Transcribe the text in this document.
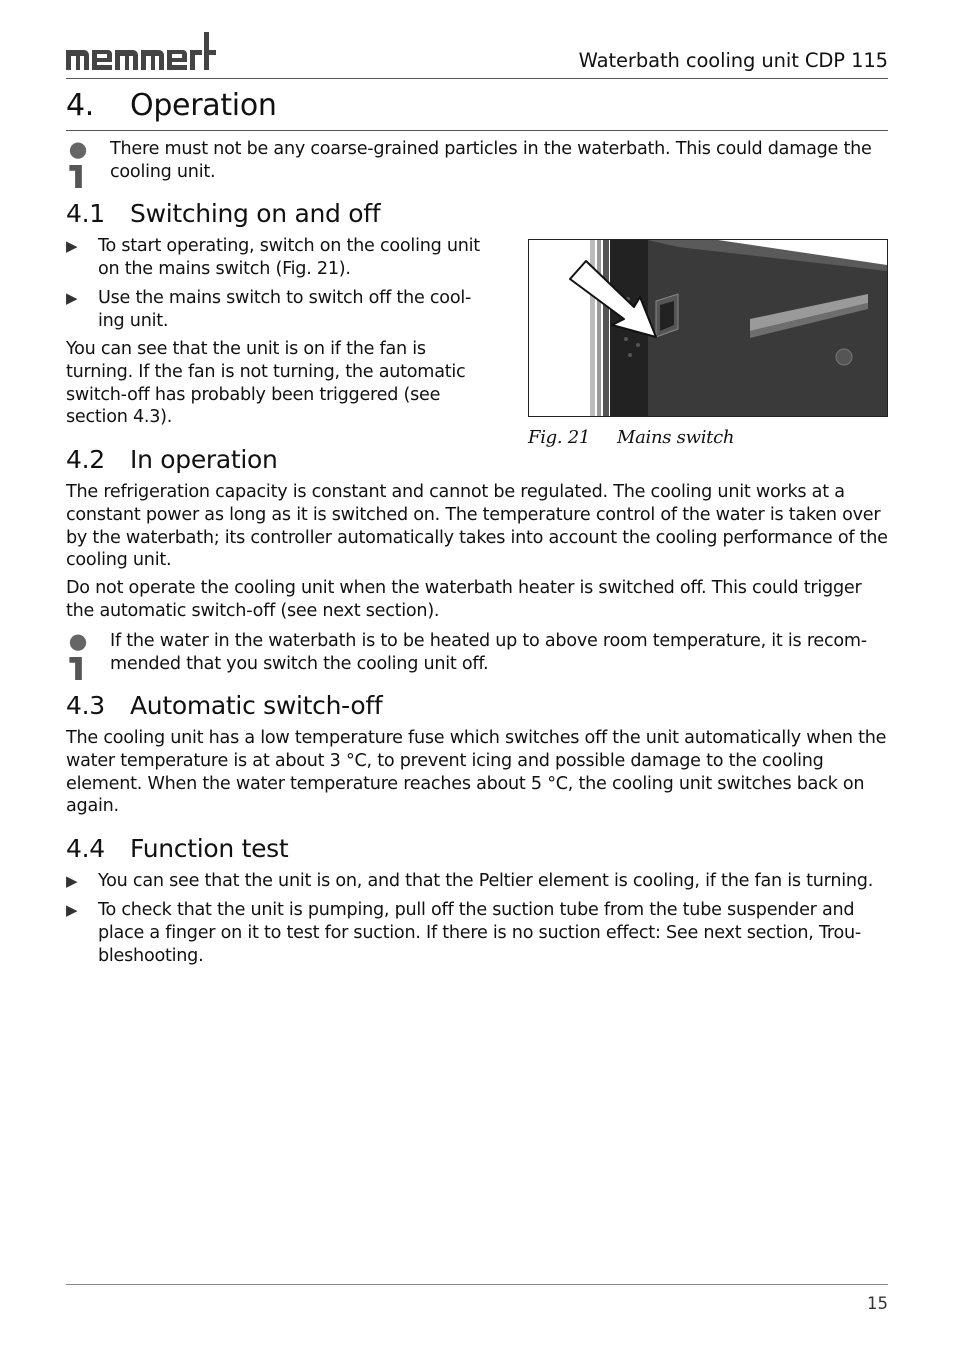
Waterbath cooling unit CDP 115
4. Operation
There must not be any coarse-grained particles in the waterbath. This could damage the cooling unit.
4.1 Switching on and off
▶	To start operating, switch on the cooling unit
on the mains switch (Fig. 21).
▶	Use the mains switch to switch off the cool-
ing unit.
You can see that the unit is on if the fan is
turning. If the fan is not turning, the automatic
switch-off has probably been triggered (see
section 4.3).
Fig. 21 Mains switch
4.2 In operation

The refrigeration capacity is constant and cannot be regulated. The cooling unit works at a constant power as long as it is switched on. The temperature control of the water is taken over by the waterbath; its controller automatically takes into account the cooling performance of the cooling unit.

Do not operate the cooling unit when the waterbath heater is switched off. This could trigger the automatic switch-off (see next section).

If the water in the waterbath is to be heated up to above room temperature, it is recom-
mended that you switch the cooling unit off.
4.3 Automatic switch-off

The cooling unit has a low temperature fuse which switches off the unit automatically when the water temperature is at about 3 °C, to prevent icing and possible damage to the cooling element. When the water temperature reaches about 5 °C, the cooling unit switches back on again.

4.4 Function test
▶	You can see that the unit is on, and that the Peltier element is cooling, if the fan is turning.
▶	To check that the unit is pumping, pull off the suction tube from the tube suspender and
place a finger on it to test for suction. If there is no suction effect: See next section, Trou-
bleshooting.
15
